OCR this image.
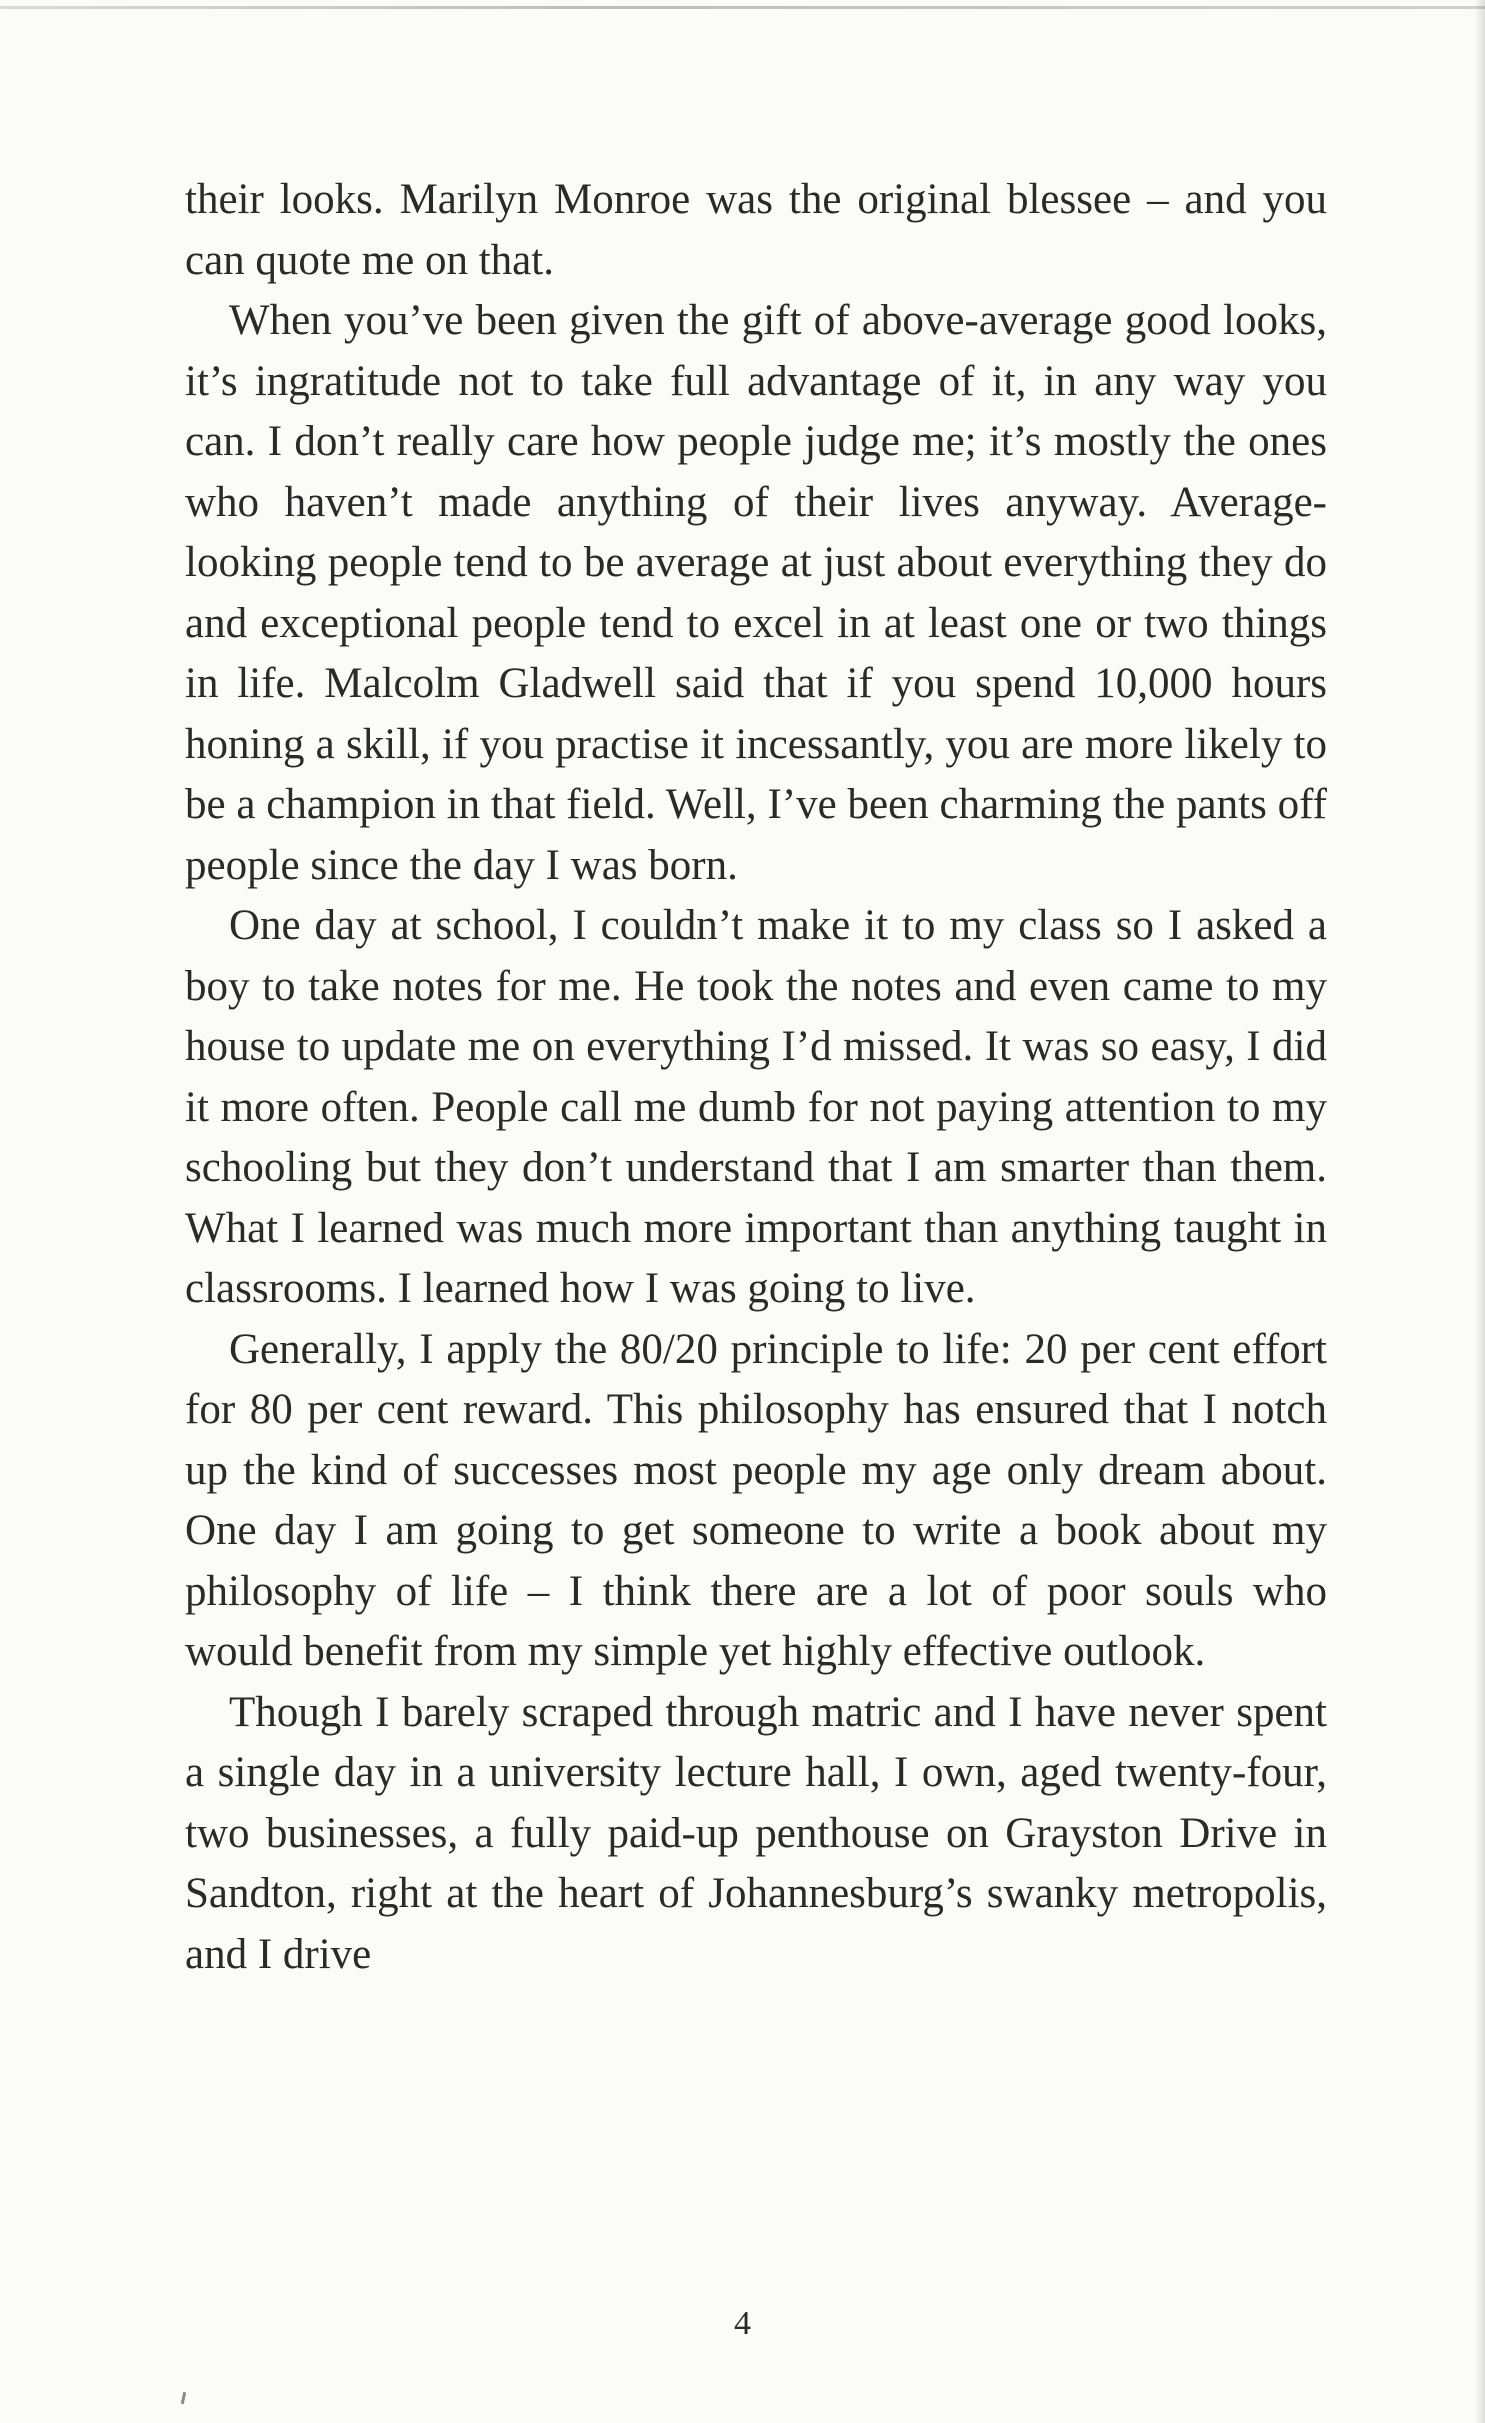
their looks. Marilyn Monroe was the original blessee – and you can quote me on that.

When you’ve been given the gift of above-average good looks, it’s ingratitude not to take full advantage of it, in any way you can. I don’t really care how people judge me; it’s mostly the ones who haven’t made anything of their lives anyway. Average-looking people tend to be average at just about everything they do and exceptional people tend to excel in at least one or two things in life. Malcolm Gladwell said that if you spend 10,000 hours honing a skill, if you practise it incessantly, you are more likely to be a champion in that field. Well, I’ve been charming the pants off people since the day I was born.

One day at school, I couldn’t make it to my class so I asked a boy to take notes for me. He took the notes and even came to my house to update me on everything I’d missed. It was so easy, I did it more often. People call me dumb for not paying attention to my schooling but they don’t understand that I am smarter than them. What I learned was much more important than anything taught in classrooms. I learned how I was going to live.

Generally, I apply the 80/20 principle to life: 20 per cent effort for 80 per cent reward. This philosophy has ensured that I notch up the kind of successes most people my age only dream about. One day I am going to get someone to write a book about my philosophy of life – I think there are a lot of poor souls who would benefit from my simple yet highly effective outlook.

Though I barely scraped through matric and I have never spent a single day in a university lecture hall, I own, aged twenty-four, two businesses, a fully paid-up penthouse on Grayston Drive in Sandton, right at the heart of Johannesburg’s swanky metropolis, and I drive

4
